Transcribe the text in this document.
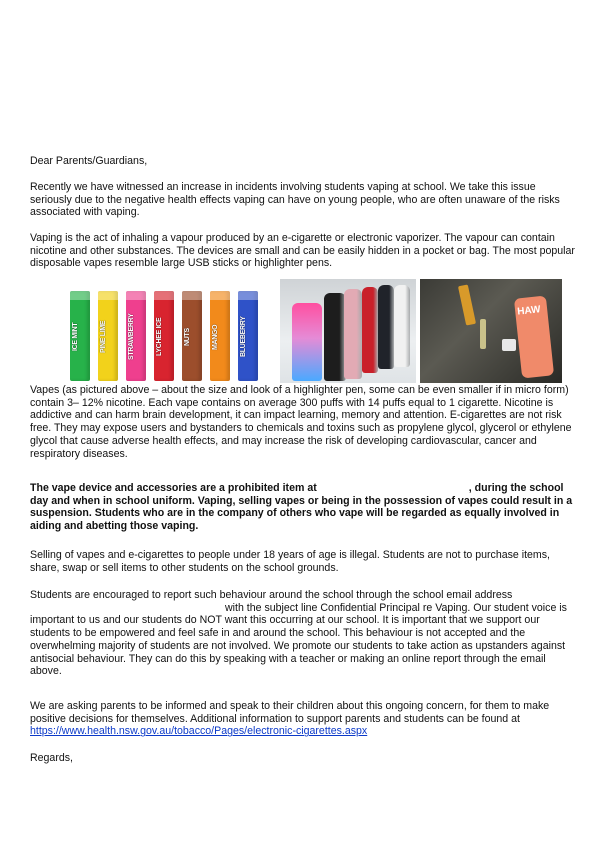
Dear Parents/Guardians,

Recently we have witnessed an increase in incidents involving students vaping at school. We take this issue seriously due to the negative health effects vaping can have on young people, who are often unaware of the risks associated with vaping.

Vaping is the act of inhaling a vapour produced by an e-cigarette or electronic vaporizer. The vapour can contain nicotine and other substances. The devices are small and can be easily hidden in a pocket or bag. The most popular disposable vapes resemble large USB sticks or highlighter pens.

ICE MINT	PINE LIME	STRAWBERRY	LYCHEE ICE	NUTS	MANGO	BLUEBERRY
HAW

Vapes (as pictured above – about the size and look of a highlighter pen, some can be even smaller if in micro form) contain 3– 12% nicotine. Each vape contains on average 300 puffs with 14 puffs equal to 1 cigarette. Nicotine is addictive and can harm brain development, it can impact learning, memory and attention. E-cigarettes are not risk free. They may expose users and bystanders to chemicals and toxins such as propylene glycol, glycerol or ethylene glycol that cause adverse health effects, and may increase the risk of developing cardiovascular, cancer and respiratory diseases.

The vape device and accessories are a prohibited item at	, during the school day and when in school uniform. Vaping, selling vapes or being in the possession of vapes could result in a suspension. Students who are in the company of others who vape will be regarded as equally involved in aiding and abetting those vaping.

Selling of vapes and e-cigarettes to people under 18 years of age is illegal. Students are not to purchase items, share, swap or sell items to other students on the school grounds.

Students are encouraged to report such behaviour around the school through the school email addresswith the subject line Confidential Principal re Vaping. Our student voice is important to us and our students do NOT want this occurring at our school. It is important that we support our students to be empowered and feel safe in and around the school. This behaviour is not accepted and the overwhelming majority of students are not involved. We promote our students to take action as upstanders against antisocial behaviour. They can do this by speaking with a teacher or making an online report through the email above.

We are asking parents to be informed and speak to their children about this ongoing concern, for them to make positive decisions for themselves. Additional information to support parents and students can be found at https://www.health.nsw.gov.au/tobacco/Pages/electronic-cigarettes.aspx

Regards,
